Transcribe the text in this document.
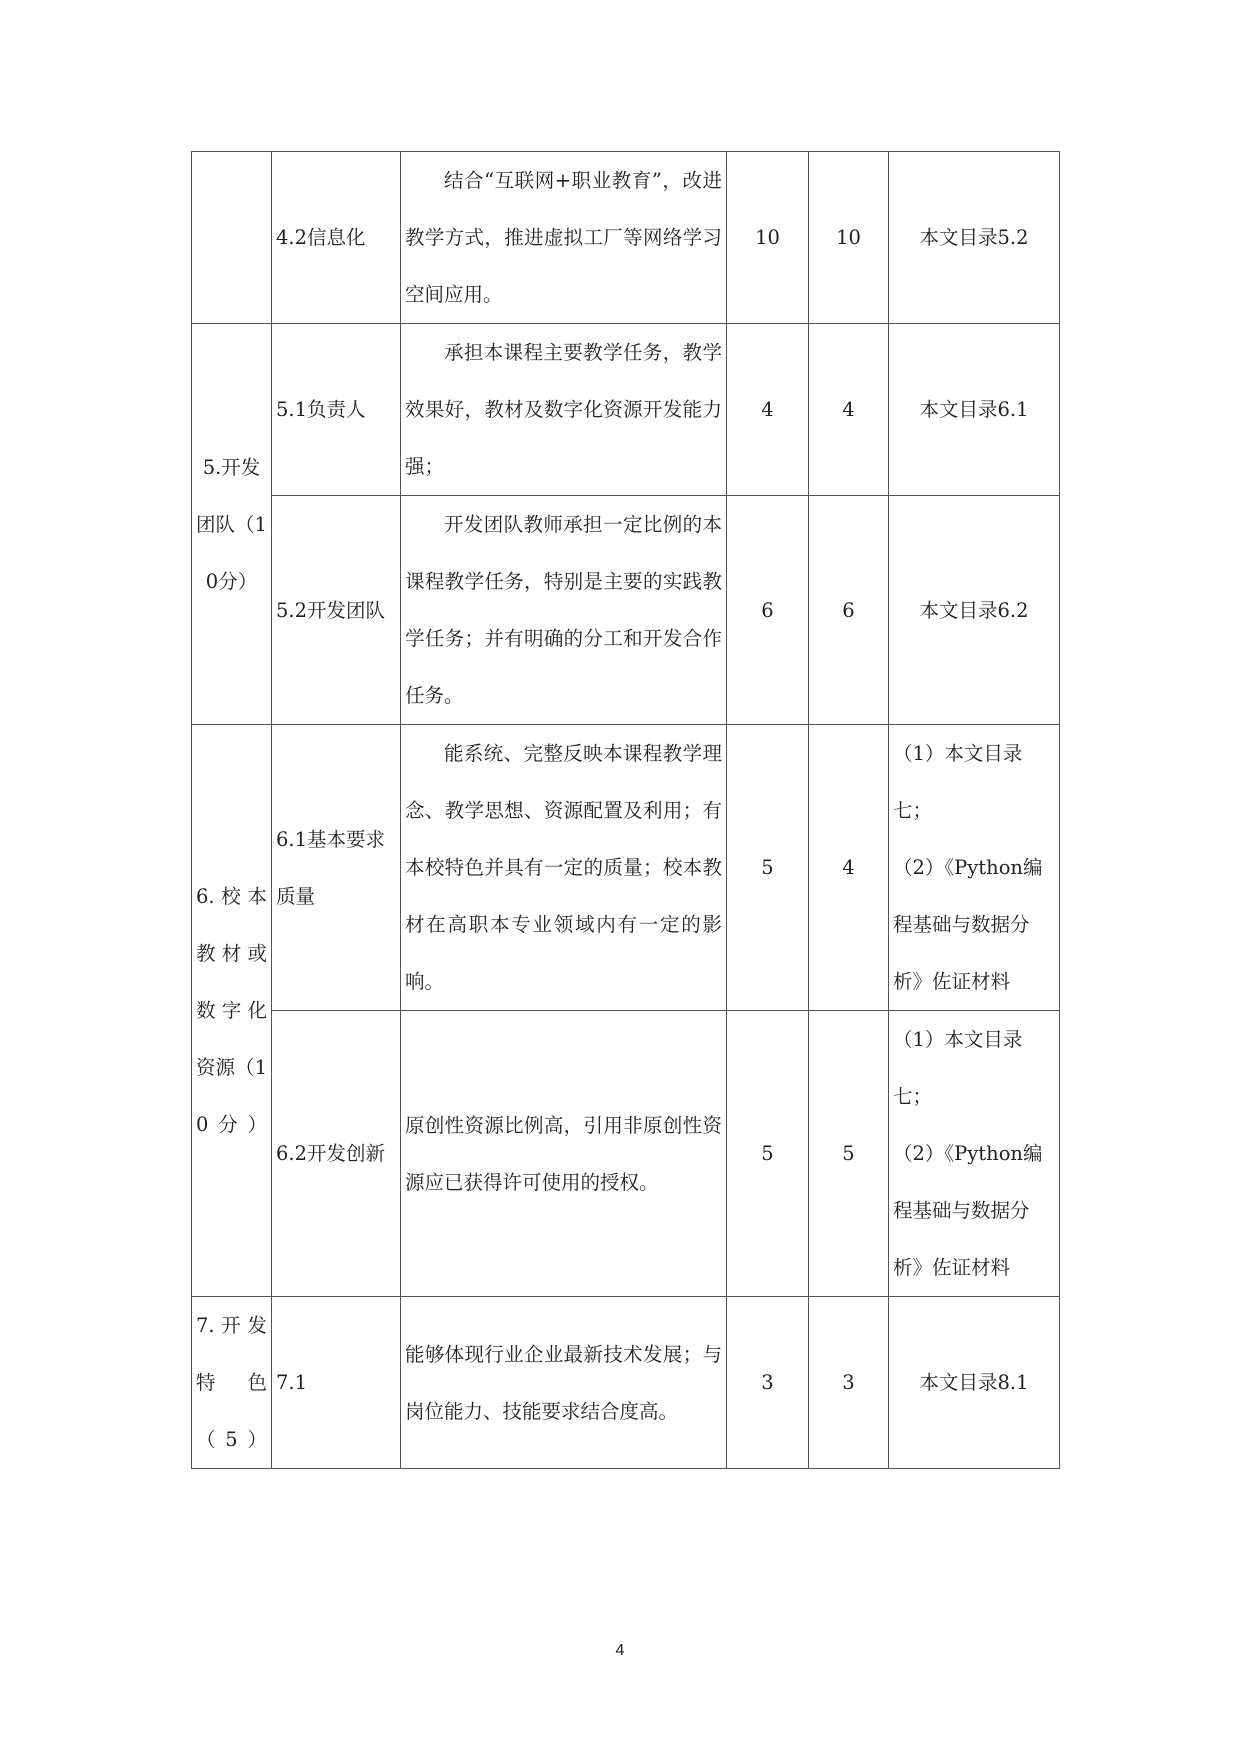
	4.2信息化	结合“互联网+职业教育”，改进教学方式，推进虚拟工厂等网络学习空间应用。	10	10	本文目录5.2
5.开发团队（10分）	5.1负责人	承担本课程主要教学任务，教学效果好，教材及数字化资源开发能力强；	4	4	本文目录6.1
	5.2开发团队	开发团队教师承担一定比例的本课程教学任务，特别是主要的实践教学任务；并有明确的分工和开发合作任务。	6	6	本文目录6.2
6.校本教材或数字化资源（10分）	6.1基本要求质量	能系统、完整反映本课程教学理念、教学思想、资源配置及利用；有本校特色并具有一定的质量；校本教材在高职本专业领域内有一定的影响。	5	4	（1）本文目录七；
（2）《Python编程基础与数据分析》佐证材料

	6.2开发创新	原创性资源比例高，引用非原创性资源应已获得许可使用的授权。	5	5	（1）本文目录七；
（2）《Python编程基础与数据分析》佐证材料

7.开发特色（5）	7.1	能够体现行业企业最新技术发展；与岗位能力、技能要求结合度高。	3	3	本文目录8.1
4
